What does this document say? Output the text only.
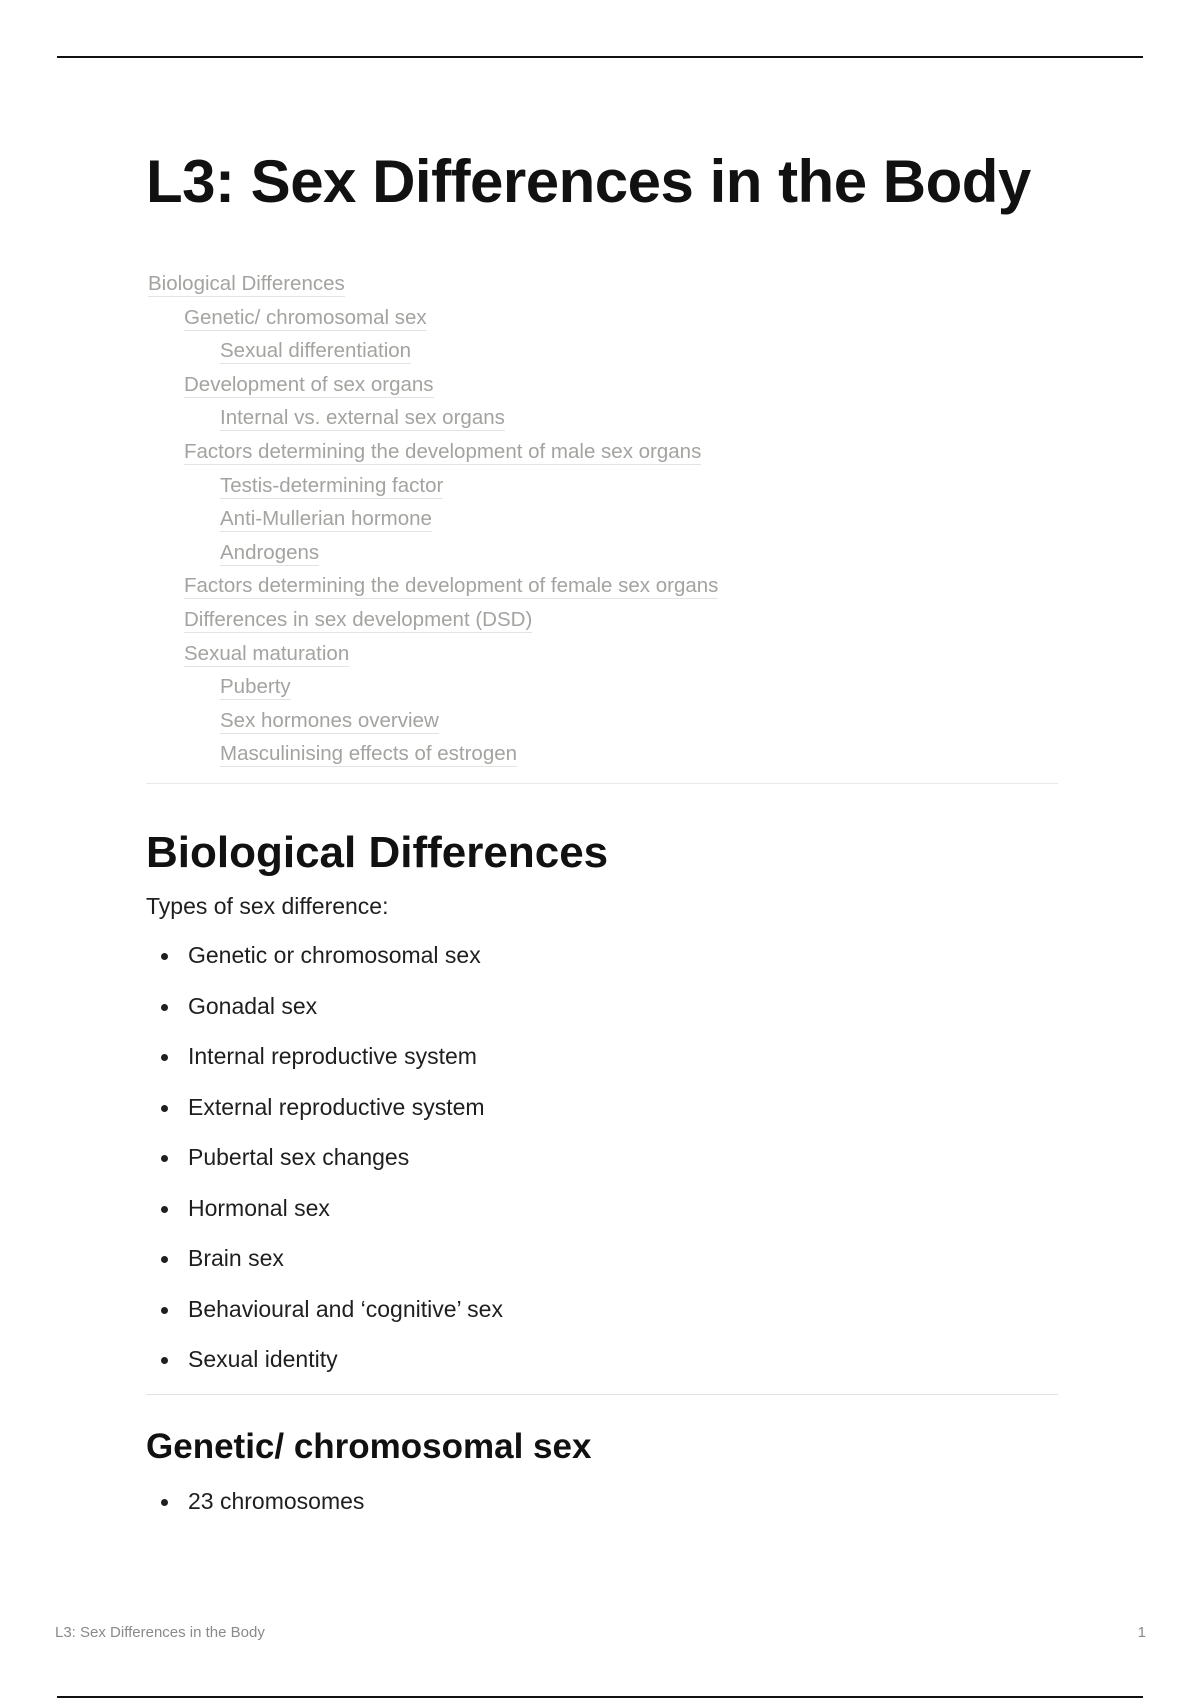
L3: Sex Differences in the Body
Biological Differences
Genetic/ chromosomal sex
Sexual differentiation
Development of sex organs
Internal vs. external sex organs
Factors determining the development of male sex organs
Testis-determining factor
Anti-Mullerian hormone
Androgens
Factors determining the development of female sex organs
Differences in sex development (DSD)
Sexual maturation
Puberty
Sex hormones overview
Masculinising effects of estrogen
Biological Differences

Types of sex difference:

Genetic or chromosomal sex
Gonadal sex
Internal reproductive system
External reproductive system
Pubertal sex changes
Hormonal sex
Brain sex
Behavioural and ‘cognitive’ sex
Sexual identity
Genetic/ chromosomal sex
23 chromosomes
L3: Sex Differences in the Body	1
